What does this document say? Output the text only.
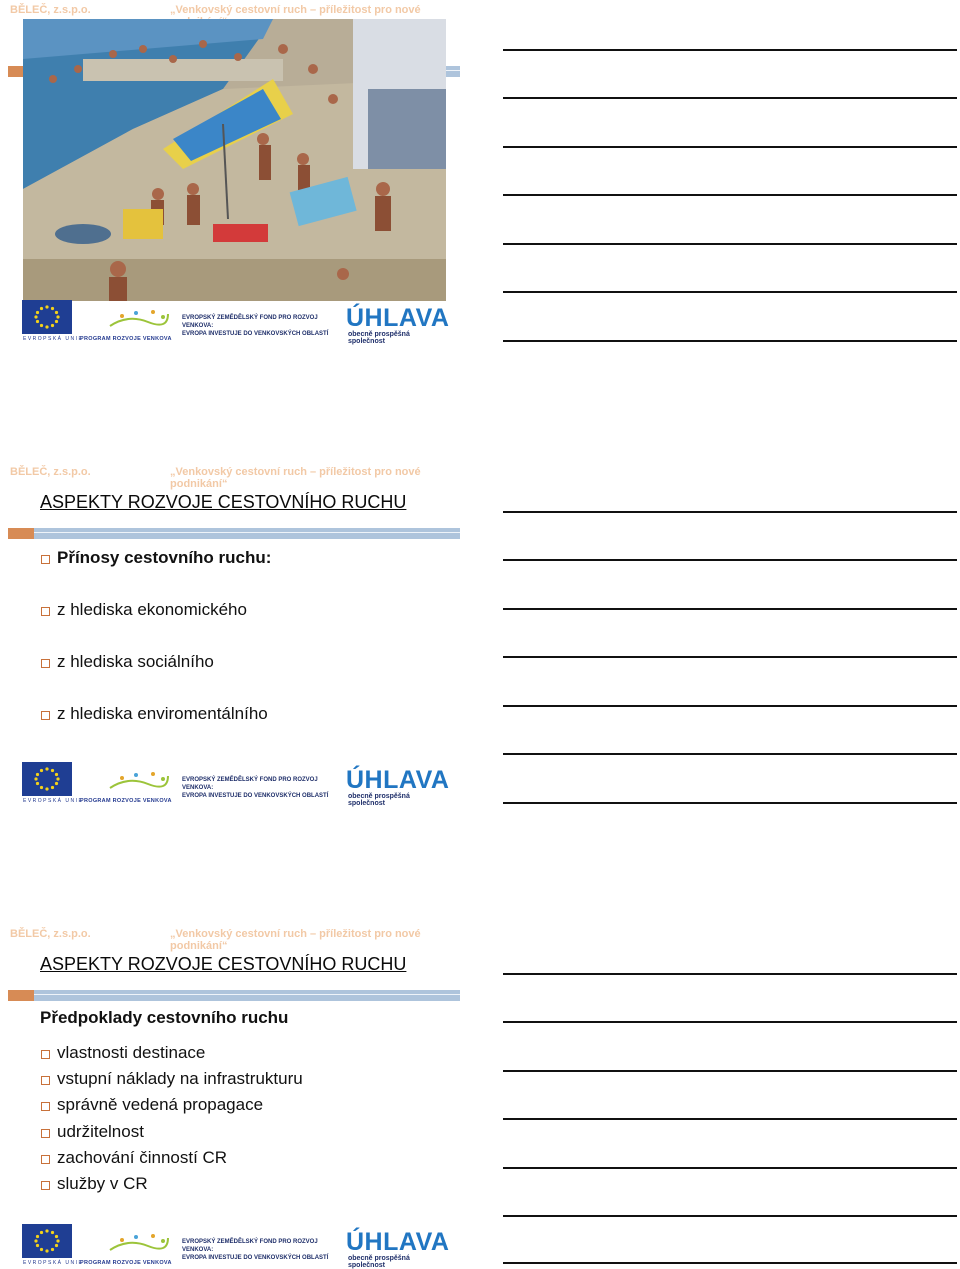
BĚLEČ, z.s.p.o.	„Venkovský cestovní ruch – příležitost pro nové
EVROPSKÁ UNIE
PROGRAM ROZVOJE VENKOVA
EVROPSKÝ ZEMĚDĚLSKÝ FOND PRO ROZVOJ VENKOVA:
EVROPA INVESTUJE DO VENKOVSKÝCH OBLASTÍ
ÚHLAVA
obecně prospěšná společnost
BĚLEČ, z.s.p.o.	„Venkovský cestovní ruch – příležitost pro nové podnikání“
ASPEKTY ROZVOJE CESTOVNÍHO RUCHU
Přínosy cestovního ruchu:
z hlediska ekonomického
z hlediska sociálního
z hlediska enviromentálního
EVROPSKÁ UNIE
PROGRAM ROZVOJE VENKOVA
EVROPSKÝ ZEMĚDĚLSKÝ FOND PRO ROZVOJ VENKOVA:
EVROPA INVESTUJE DO VENKOVSKÝCH OBLASTÍ
ÚHLAVA
obecně prospěšná společnost
BĚLEČ, z.s.p.o.	„Venkovský cestovní ruch – příležitost pro nové podnikání“
ASPEKTY ROZVOJE CESTOVNÍHO RUCHU
Předpoklady cestovního ruchu
vlastnosti destinace
vstupní náklady na infrastrukturu
správně vedená propagace
udržitelnost
zachování činností CR
služby v CR
EVROPSKÁ UNIE
PROGRAM ROZVOJE VENKOVA
EVROPSKÝ ZEMĚDĚLSKÝ FOND PRO ROZVOJ VENKOVA:
EVROPA INVESTUJE DO VENKOVSKÝCH OBLASTÍ
ÚHLAVA
obecně prospěšná společnost
